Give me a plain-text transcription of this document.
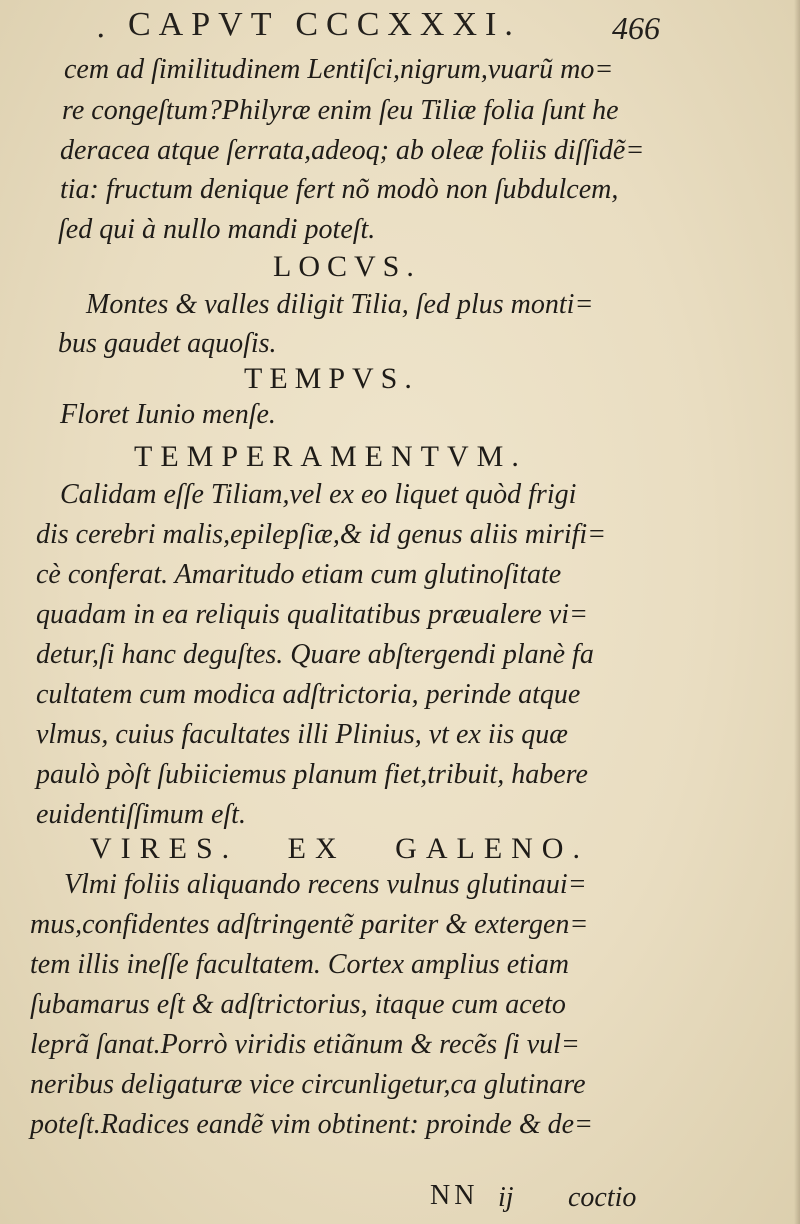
. CAPVT CCCXXXI.	466
cem ad ſimilitudinem Lentiſci,nigrum,vuarũ mo=
re congeſtum?Philyræ enim ſeu Tiliæ folia ſunt he
deracea atque ſerrata,adeoq; ab oleæ foliis diſſidẽ=
tia: fructum denique fert nõ modò non ſubdulcem,
ſed qui à nullo mandi poteſt.
LOCVS.
Montes & valles diligit Tilia, ſed plus monti=
bus gaudet aquoſis.
TEMPVS.
Floret Iunio menſe.
TEMPERAMENTVM.
Calidam eſſe Tiliam,vel ex eo liquet quòd frigi
dis cerebri malis,epilepſiæ,& id genus aliis mirifi=
cè conferat. Amaritudo etiam cum glutinoſitate
quadam in ea reliquis qualitatibus præualere vi=
detur,ſi hanc deguſtes. Quare abſtergendi planè fa
cultatem cum modica adſtrictoria, perinde atque
vlmus, cuius facultates illi Plinius, vt ex iis quæ
paulò pòſt ſubiiciemus planum fiet,tribuit, habere
euidentiſſimum eſt.
VIRES.   EX   GALENO.
Vlmi foliis aliquando recens vulnus glutinaui=
mus,confidentes adſtringentẽ pariter & extergen=
tem illis ineſſe facultatem. Cortex amplius etiam
ſubamarus eſt & adſtrictorius, itaque cum aceto
leprã ſanat.Porrò viridis etiãnum & recẽs ſi vul=
neribus deligaturæ vice circunligetur,ca glutinare
poteſt.Radices eandẽ vim obtinent: proinde & de=
NN ij coctio
